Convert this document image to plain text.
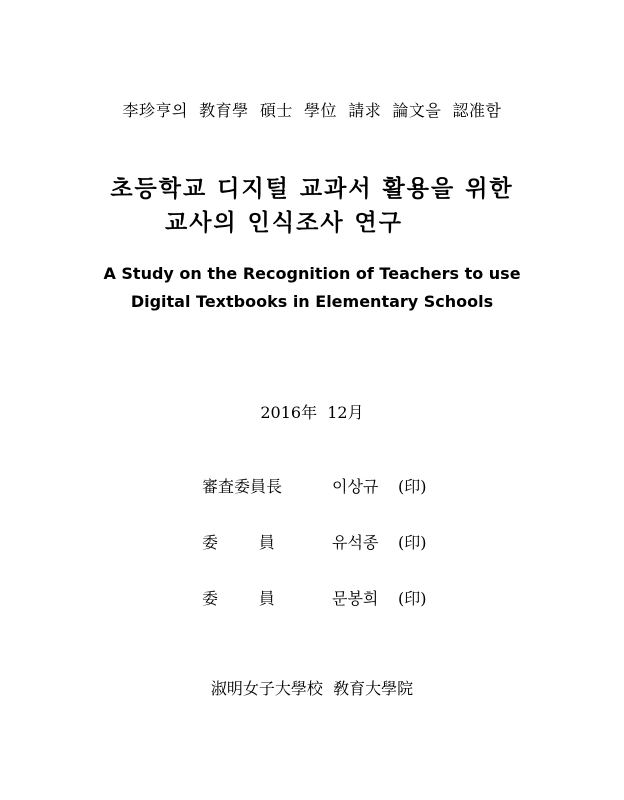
李珍亨의  教育學  碩士  學位  請求  論文을  認准함
초등학교 디지털 교과서 활용을 위한
교사의 인식조사 연구
A Study on the Recognition of Teachers to use
Digital Textbooks in Elementary Schools
2016年  12月
審査委員長	이상규 (印)
委        員	유석종 (印)
委        員	문봉희 (印)
淑明女子大學校  敎育大學院
